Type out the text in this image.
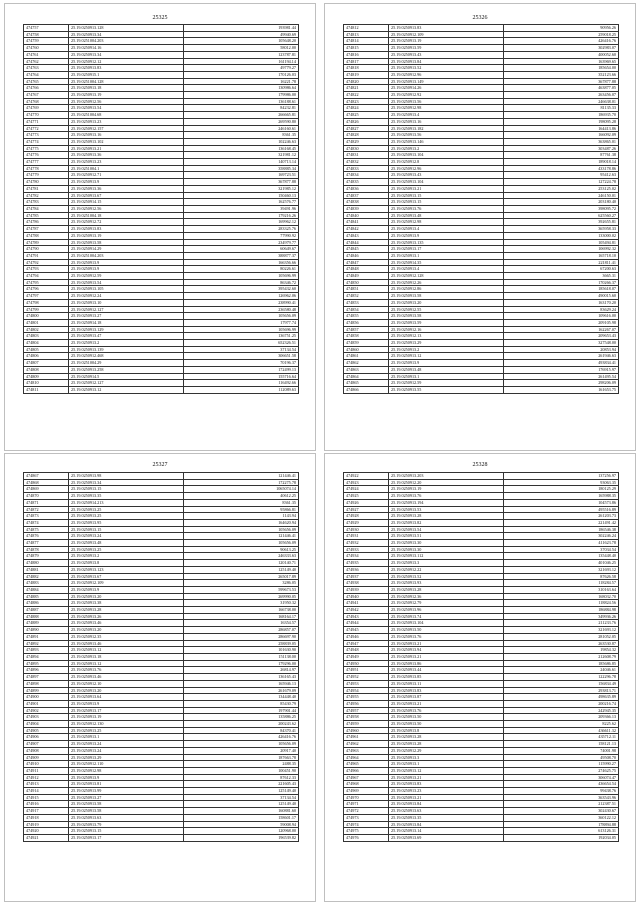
25325
474757	25.19.0250913.128	193981.44
474758	25.19.0250913.34	49940.69
474759	25.19.0251004.203	105648.20
474760	25.19.0250914.16	58012.00
474761	25.19.0250913.34	123787.81
474762	25.19.0250912.12	161194.14
474763	25.19.0250913.83	49779.27
474764	25.19.0250915.1	170126.03
474765	25.19.0251004.128	16221.78
474766	25.19.0250913.18	130986.64
474767	25.19.0250913.19	179986.00
474768	25.19.0250912.56	136188.61
474769	25.19.0250913.54	84232.81
474770	25.19.0251004.68	266665.81
474771	25.19.0250913.23	269590.80
474772	25.19.0250912.157	246160.61
474773	25.19.0250913.16	8361.35
474774	25.19.0250913.102	102246.63
474775	25.19.0250913.21	136168.45
474776	25.19.0250913.36	321981.12
474777	25.19.0250913.23	140713.14
474778	25.19.0251004.1	358885.34
474779	25.19.0250912.71	169723.51
474780	25.19.0250913.9	367877.88
474781	25.19.0250913.36	321985.12
474782	25.19.0250913.67	150460.13
474783	25.19.0250914.15	162576.77
474784	25.19.0250912.56	39491.96
474785	25.19.0251004.18	179216.26
474786	25.19.0250912.72	169962.12
474787	25.19.0250913.83	283325.76
474788	25.19.0250913.19	77990.92
474789	25.19.0250913.58	234979.77
474790	25.19.0250914.29	60649.67
474791	25.19.0251004.203	388877.37
474792	25.19.0250913.9	166356.66
474793	25.19.0250913.9	80226.61
474794	25.19.0250912.59	105696.99
474795	25.19.0250913.54	86346.72
474796	25.19.0250913.105	395432.60
474797	25.19.0250912.24	126962.06
474798	25.19.0250913.10	238990.41
474799	25.19.0250912.127	236580.48
474800	25.19.0250913.27	105656.09
474801	25.19.0250914.18	17977.74
474802	25.19.0250913.129	105696.99
474803	25.19.0250913.47	136751.25
474804	25.19.0250913.2	652326.51
474805	25.19.0250913.139	37134.54
474806	25.19.0250912.468	306651.58
474807	25.19.0251004.29	70196.37
474808	25.19.0250913.258	172499.13
474809	25.19.0250914.5	155716.64
474810	25.19.0250912.127	116492.66
474811	25.19.0250913.12	112089.63
25326
474812	25.19.0250913.83	90956.26
474813	25.19.0250912.109	259018.25
474814	25.19.0250913.19	426416.76
474815	25.19.0250913.59	302983.07
474816	25.19.0250913.43	400052.60
474817	25.19.0250913.84	163969.65
474818	25.19.0250913.52	185654.00
474819	25.19.0250912.96	352123.66
474820	25.19.0250913.149	367877.88
474821	25.19.0250914.26	463877.05
474822	25.19.0250912.92	263456.07
474823	25.19.0250913.56	246638.01
474824	25.19.0250912.98	81135.33
474825	25.19.0250913.4	186935.70
474826	25.19.0250913.16	198095.28
474827	25.19.0250913.182	164413.86
474828	25.19.0250913.56	166092.09
474829	25.19.0250913.146	363865.01
474830	25.19.0250913.2	303487.26
474831	25.19.0250913.104	87761.38
474832	25.19.0250912.8	189018.14
474833	25.19.0250912.96	433178.86
474834	25.19.0250913.43	95412.63
474835	25.19.0250913.104	127224.78
474836	25.19.0250913.21	253125.02
474837	25.19.0250913.15	246150.01
474838	25.19.0250913.15	203180.40
474839	25.19.0250913.76	398095.72
474840	25.19.0250913.48	625560.27
474841	25.19.0250912.98	392655.81
474842	25.19.0250913.4	365958.33
474843	25.19.0250913.9	133000.02
474844	25.19.0250913.135	105494.81
474845	25.19.0250913.17	106992.32
474846	25.19.0250913.1	165718.10
474847	25.19.0250914.35	221811.41
474848	25.19.0250913.4	67200.63
474849	25.19.0250912.128	3665.31
474850	25.19.0250912.26	170266.37
474851	25.19.0250912.86	185618.07
474852	25.19.0250913.58	490015.60
474853	25.19.0250913.20	163170.20
474854	25.19.0250912.55	83629.24
474855	25.19.0250913.58	109616.00
474856	25.19.0250913.59	209105.98
474857	25.19.0250912.16	162267.07
474858	25.19.0250912.13	209653.43
474859	25.19.0250913.29	327548.00
474860	25.19.0250913.2	20853.94
474861	25.19.0250913.12	261946.63
474862	25.19.0250913.9	493834.41
474863	25.19.0250913.48	176915.97
474864	25.19.0250913.1	261495.54
474865	25.19.0250912.59	298206.09
474866	25.19.0250913.55	161653.75
25327
474867	25.19.0250913.98	121446.41
474868	25.19.0250913.34	172275.78
474869	25.19.0250913.15	1065074.14
474870	25.19.0250913.35	40612.25
474871	25.19.0250914.213	8361.35
474872	25.19.0250913.25	95866.81
474873	25.19.0250913.25	1143.94
474874	25.19.0250913.95	164620.94
474875	25.19.0250913.15	105656.09
474876	25.19.0250913.24	121446.41
474877	25.19.0250913.48	105656.09
474878	25.19.0250913.25	90613.25
474879	25.19.0250913.2	246333.63
474880	25.19.0250913.8	120140.71
474881	25.19.0250913.123	125149.40
474882	25.19.0250913.67	265017.89
474883	25.19.0250912.109	3286.05
474884	25.19.0250913.9	599673.53
474885	25.19.0250913.20	269990.05
474886	25.19.0250913.38	31950.32
474887	25.19.0250913.28	166738.00
474888	25.19.0250913.26	168164.17
474889	25.19.0250913.46	16354.57
474890	25.19.0250913.20	286857.07
474891	25.19.0250912.35	286697.90
474892	25.19.0250913.46	258839.05
474893	25.19.0250913.12	101630.90
474894	25.19.0250913.18	151138.00
474895	25.19.0250913.12	179296.00
474896	25.19.0250913.76	26814.97
474897	25.19.0250913.46	136165.43
474898	25.19.0250912.10	165946.13
474899	25.19.0250913.20	261679.09
474900	25.19.0250913.64	134448.40
474901	25.19.0250913.9	85430.79
474902	25.19.0250913.17	197901.44
474903	25.19.0250913.19	135886.25
474904	25.19.0250912.130	200243.62
474905	25.19.0250913.25	84370.41
474906	25.19.0250913.1	426416.76
474907	25.19.0250913.24	105656.09
474908	25.19.0250913.24	20917.40
474909	25.19.0250913.29	187663.78
474910	25.19.0250912.110	2488.35
474911	25.19.0250912.98	100451.90
474912	25.19.0250913.9	87612.33
474913	25.19.0250913.81	221605.43
474914	25.19.0250913.99	125149.40
474915	25.19.0250913.27	37134.54
474916	25.19.0250913.58	125149.40
474917	25.19.0250913.58	160881.60
474918	25.19.0250913.63	158601.17
474919	25.19.0250913.79	59008.94
474920	25.19.0250913.15	120968.00
474921	25.19.0250913.17	196539.82
25328
474922	25.19.0250913.203	137256.97
474923	25.19.0250912.20	93063.35
474924	25.19.0250913.19	180125.29
474925	25.19.0250913.76	165988.35
474926	25.19.0250913.194	104573.86
474927	25.19.0250913.53	495516.89
474928	25.19.0250913.28	261203.73
474929	25.19.0250913.82	221491.42
474930	25.19.0250913.54	186546.38
474931	25.19.0250913.51	302246.24
474932	25.19.0250913.30	411623.78
474933	25.19.0250913.30	37034.54
474934	25.19.0250913.112	135448.40
474935	25.19.0250913.3	401046.25
474936	25.19.0250912.22	321693.12
474937	25.19.0250913.52	87626.58
474938	25.19.0250913.93	118284.57
474939	25.19.0250913.28	310163.64
474940	25.19.0250912.36	168032.70
474941	25.19.0250912.79	118824.56
474942	25.19.0250913.96	186884.98
474943	25.19.0250913.74	349936.26
474944	25.19.0250913.104	211233.76
474945	25.19.0250913.50	321693.12
474946	25.19.0250913.76	281052.05
474947	25.19.0250913.21	263530.87
474948	25.19.0250913.94	19854.32
474949	25.19.0250913.21	212608.79
474950	25.19.0250913.86	185686.85
474951	25.19.0250913.44	24046.61
474952	25.19.0250913.85	122296.78
474953	25.19.0250913.11	156834.49
474954	25.19.0250913.83	293813.71
474955	25.19.0250913.87	498635.89
474956	25.19.0250913.21	200216.74
474957	25.19.0250913.76	242945.35
474958	25.19.0250913.50	209366.13
474959	25.19.0250913.50	8225.62
474960	25.19.0250913.8	436611.32
474961	25.19.0250913.28	435712.11
474962	25.19.0250913.28	158121.13
474963	25.19.0250912.29	74001.98
474964	25.19.0250913.3	49508.70
474965	25.19.0250913.1	115990.27
474966	25.19.0250913.12	274625.75
474967	25.19.0250913.21	306074.47
474968	25.19.0250913.83	436654.54
474969	25.19.0250913.23	99438.76
474970	25.19.0250913.21	363543.96
474971	25.19.0250913.84	212387.51
474972	25.19.0250913.63	302430.67
474973	25.19.0250913.35	360122.12
474974	25.19.0250913.84	178894.88
474975	25.19.0250913.14	613126.31
474976	25.19.0250913.69	192034.05
